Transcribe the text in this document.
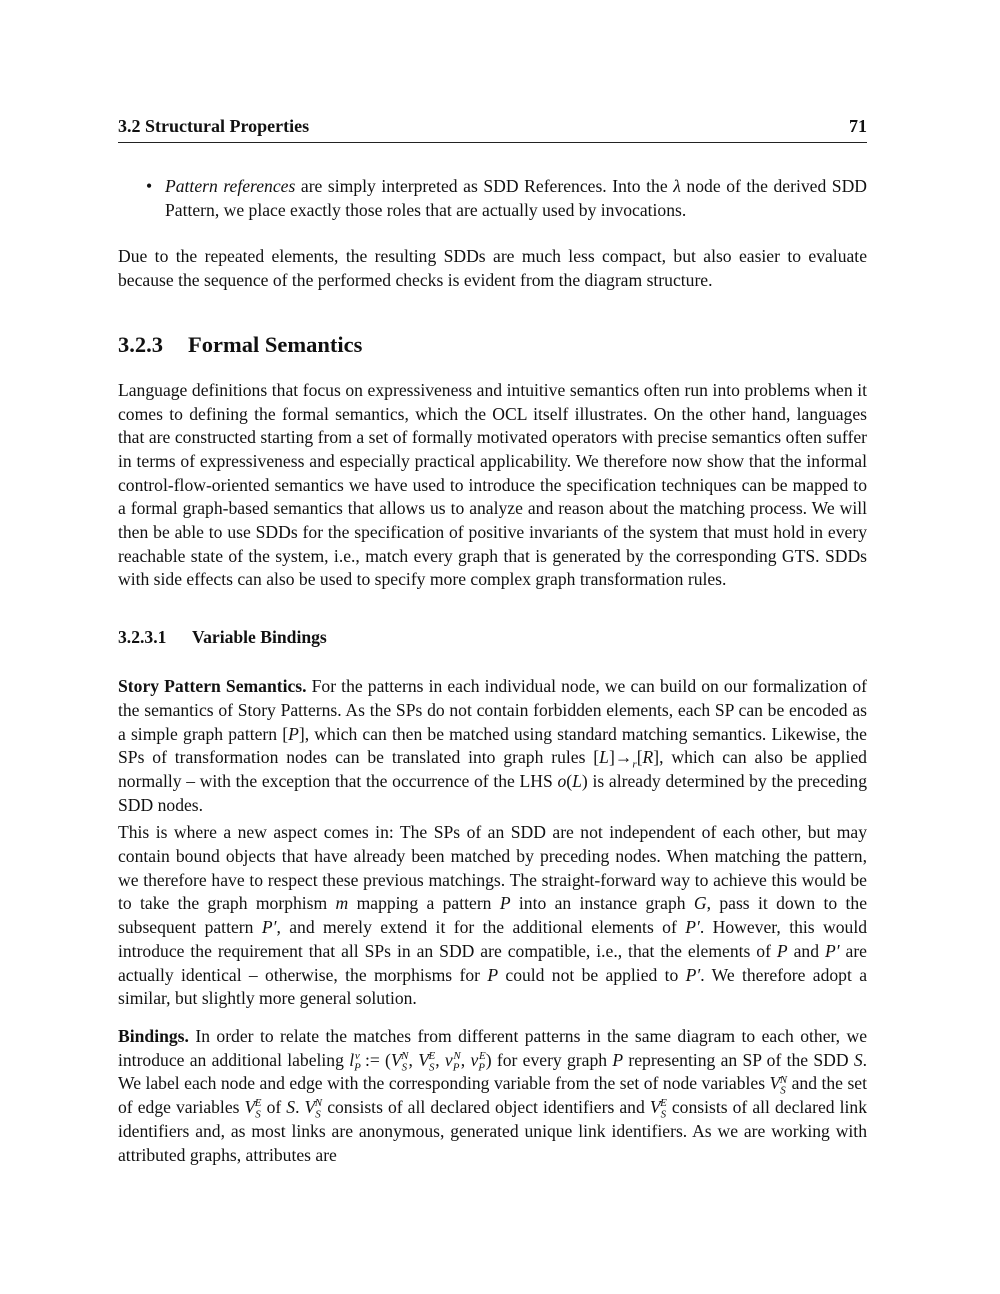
3.2 Structural Properties	71

• Pattern references are simply interpreted as SDD References. Into the λ node of the derived SDD Pattern, we place exactly those roles that are actually used by invocations.

Due to the repeated elements, the resulting SDDs are much less compact, but also easier to evaluate because the sequence of the performed checks is evident from the diagram structure.

3.2.3 Formal Semantics

Language definitions that focus on expressiveness and intuitive semantics often run into problems when it comes to defining the formal semantics, which the OCL itself illustrates. On the other hand, languages that are constructed starting from a set of formally motivated operators with precise semantics often suffer in terms of expressiveness and especially practical applicability. We therefore now show that the informal control-flow-oriented semantics we have used to introduce the specification techniques can be mapped to a formal graph-based semantics that allows us to analyze and reason about the matching process. We will then be able to use SDDs for the specification of positive invariants of the system that must hold in every reachable state of the system, i.e., match every graph that is generated by the corresponding GTS. SDDs with side effects can also be used to specify more complex graph transformation rules.

3.2.3.1 Variable Bindings

Story Pattern Semantics. For the patterns in each individual node, we can build on our formalization of the semantics of Story Patterns. As the SPs do not contain forbidden elements, each SP can be encoded as a simple graph pattern [P], which can then be matched using standard matching semantics. Likewise, the SPs of transformation nodes can be translated into graph rules $[L]\to_r[R]$, which can also be applied normally – with the exception that the occurrence of the LHS o(L) is already determined by the preceding SDD nodes.

This is where a new aspect comes in: The SPs of an SDD are not independent of each other, but may contain bound objects that have already been matched by preceding nodes. When matching the pattern, we therefore have to respect these previous matchings. The straight-forward way to achieve this would be to take the graph morphism m mapping a pattern P into an instance graph G, pass it down to the subsequent pattern P′, and merely extend it for the additional elements of P′. However, this would introduce the requirement that all SPs in an SDD are compatible, i.e., that the elements of P and P′ are actually identical – otherwise, the morphisms for P could not be applied to P′. We therefore adopt a similar, but slightly more general solution.

Bindings. In order to relate the matches from different patterns in the same diagram to each other, we introduce an additional labeling $l_P^v$ := ($V_S^N$, $V_S^E$, $v_P^N$, $v_P^E$) for every graph P representing an SP of the SDD S. We label each node and edge with the corresponding variable from the set of node variables $V_S^N$ and the set of edge variables $V_S^E$ of S. $V_S^N$ consists of all declared object identifiers and $V_S^E$ consists of all declared link identifiers and, as most links are anonymous, generated unique link identifiers. As we are working with attributed graphs, attributes are
